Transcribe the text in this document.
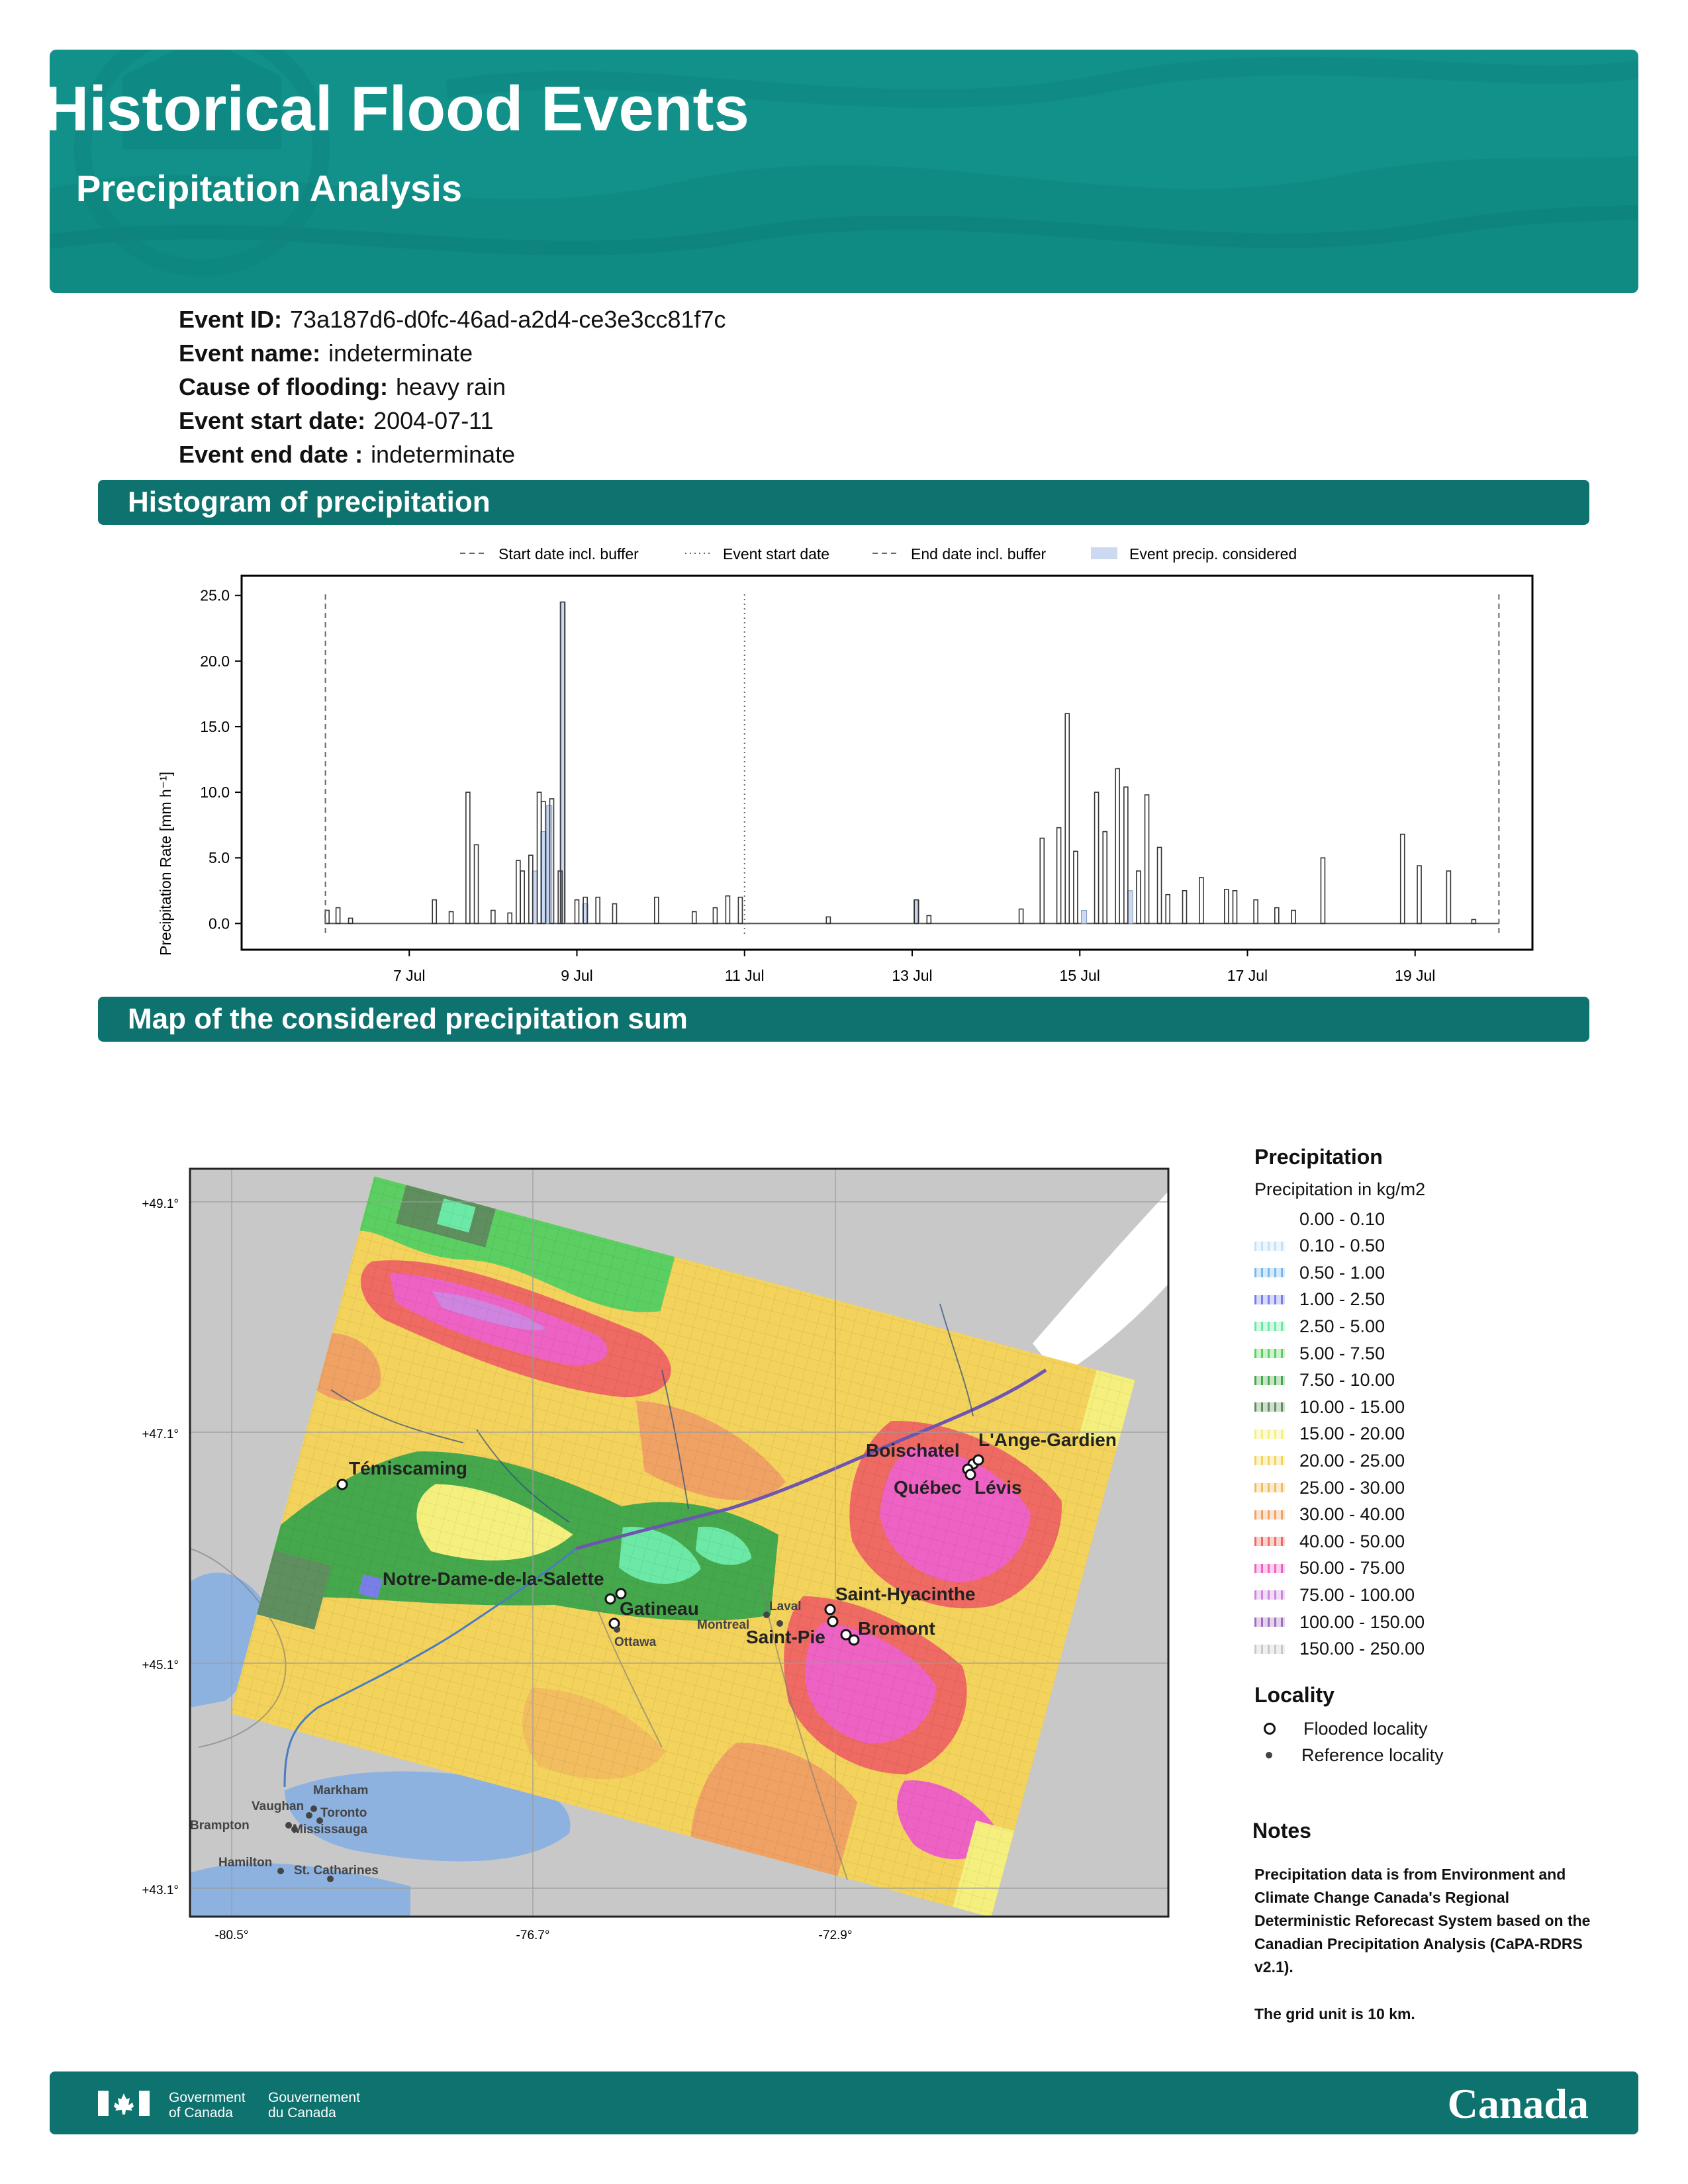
Historical Flood Events
Precipitation Analysis
Event ID: 73a187d6-d0fc-46ad-a2d4-ce3e3cc81f7c
Event name: indeterminate
Cause of flooding: heavy rain
Event start date: 2004-07-11
Event end date : indeterminate
Histogram of precipitation
Start date incl. buffer	Event start date	End date incl. buffer	Event precip. considered
Precipitation Rate [mm h⁻¹] 0.0
5.0
10.0
15.0
20.0
25.0
7 Jul	9 Jul	11 Jul	13 Jul	15 Jul	17 Jul	19 Jul
Map of the considered precipitation sum
+49.1°
+47.1°
+45.1°
+43.1°
-80.5°	-76.7°	-72.9°
Témiscaming
Boischatel
L'Ange-Gardien
Québec Lévis
Notre-Dame-de-la-Salette
Gatineau
Saint-Hyacinthe
Saint-Pie Bromont
Ottawa
Montreal
Laval
Markham
Vaughan Toronto
Brampton	Mississauga
Hamilton
St. Catharines
Precipitation
Precipitation in kg/m2
0.00 - 0.10
0.10 - 0.50
0.50 - 1.00
1.00 - 2.50
2.50 - 5.00
5.00 - 7.50
7.50 - 10.00
10.00 - 15.00
15.00 - 20.00
20.00 - 25.00
25.00 - 30.00
30.00 - 40.00
40.00 - 50.00
50.00 - 75.00
75.00 - 100.00
100.00 - 150.00
150.00 - 250.00
Locality
Flooded locality
Reference locality
Notes
Precipitation data is from Environment and Climate Change Canada's Regional Deterministic Reforecast System based on the Canadian Precipitation Analysis (CaPA-RDRS v2.1).
The grid unit is 10 km.
Government
of Canada
Gouvernement
du Canada	Canada
